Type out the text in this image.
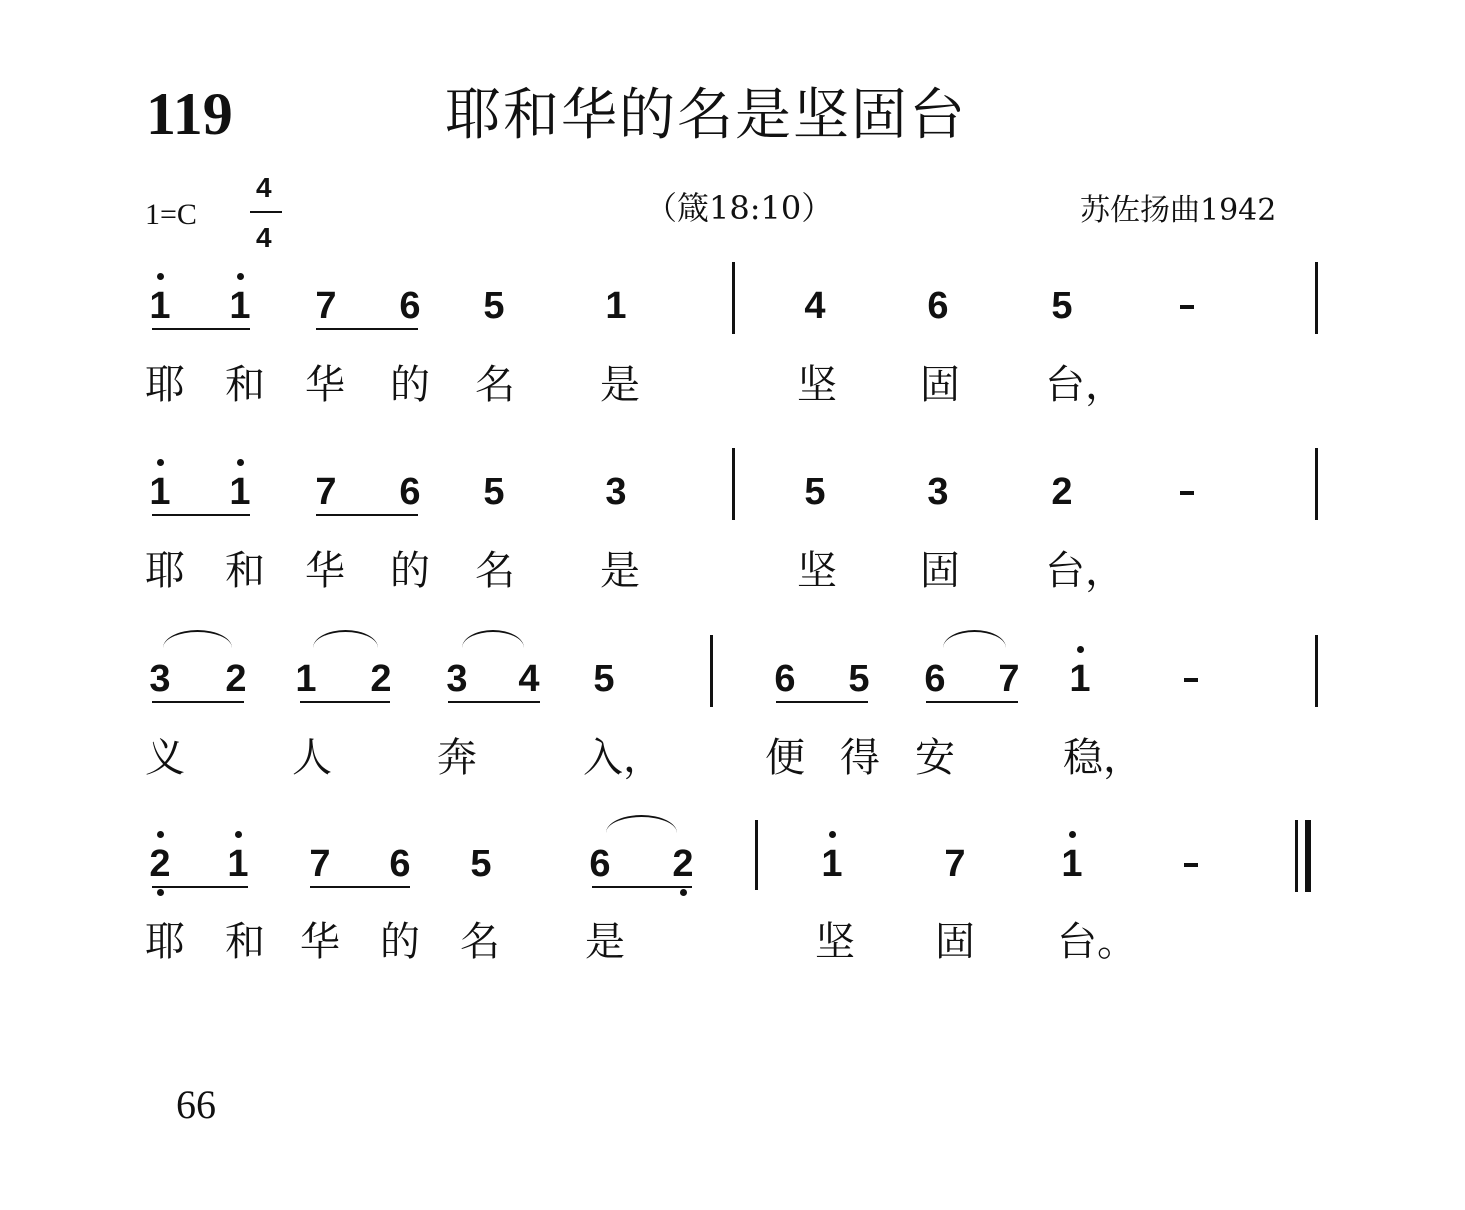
119	耶和华的名是坚固台
1=C
4
4
（箴18:10）	苏佐扬曲1942
1 1 7 6 5	1	4	6	5
耶 和 华 的 名 是	坚 固 台，
1 1 7 6 5	3	5	3	2
耶 和 华 的 名 是	坚 固 台，
3 2 1 2 3 4 5	6 5 6 7 1
义	人	奔	入，	便 得 安	稳，
2 1 7 6 5	6 2	1	7	1
耶 和 华 的 名 是	坚 固 台。
66
